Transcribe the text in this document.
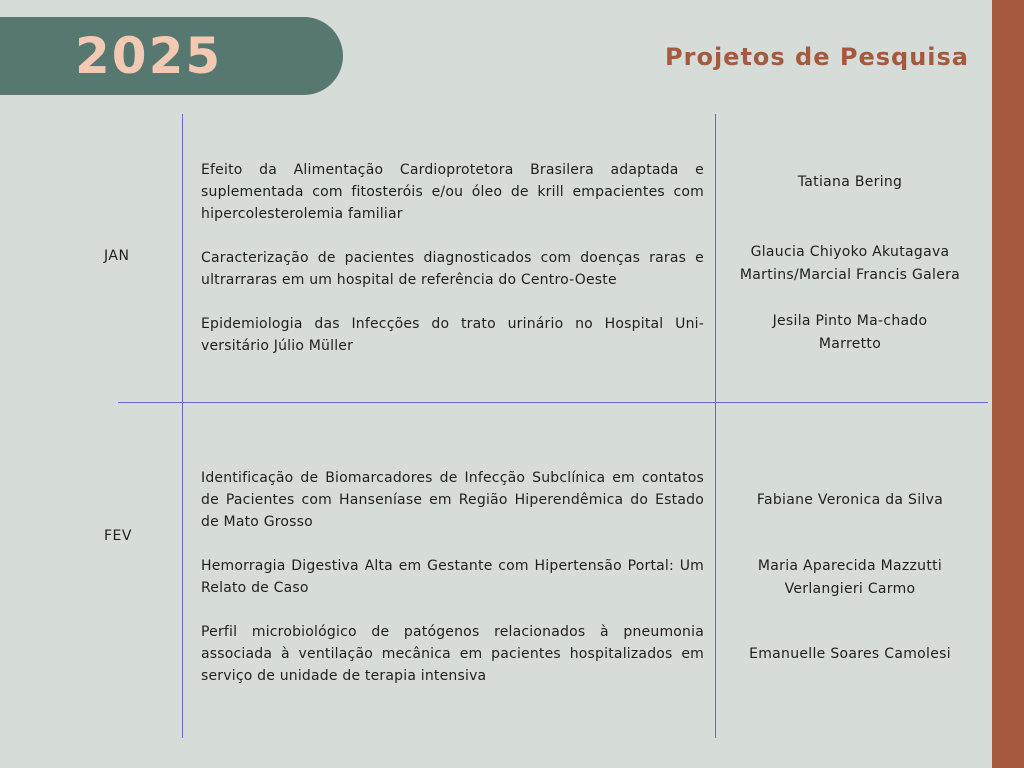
2025	Projetos de Pesquisa
JAN
Efeito da Alimentação Cardioprotetora Brasilera adaptada e suplementada com fitosteróis e/ou óleo de krill empacientes com hipercolesterolemia familiar
Caracterização de pacientes diagnosticados com doenças raras e ultrarraras em um hospital de referência do Centro-Oeste
Epidemiologia das Infecções do trato urinário no Hospital Uni-versitário Júlio Müller
Tatiana Bering
Glaucia Chiyoko Akutagava Martins/Marcial Francis Galera
Jesila Pinto Ma-chado Marretto
FEV
Identificação de Biomarcadores de Infecção Subclínica em contatos de Pacientes com Hanseníase em Região Hiperendêmica do Estado de Mato Grosso
Hemorragia Digestiva Alta em Gestante com Hipertensão Portal: Um Relato de Caso
Perfil microbiológico de patógenos relacionados à pneumonia associada à ventilação mecânica em pacientes hospitalizados em serviço de unidade de terapia intensiva
Fabiane Veronica da Silva
Maria Aparecida Mazzutti Verlangieri Carmo
Emanuelle Soares Camolesi
